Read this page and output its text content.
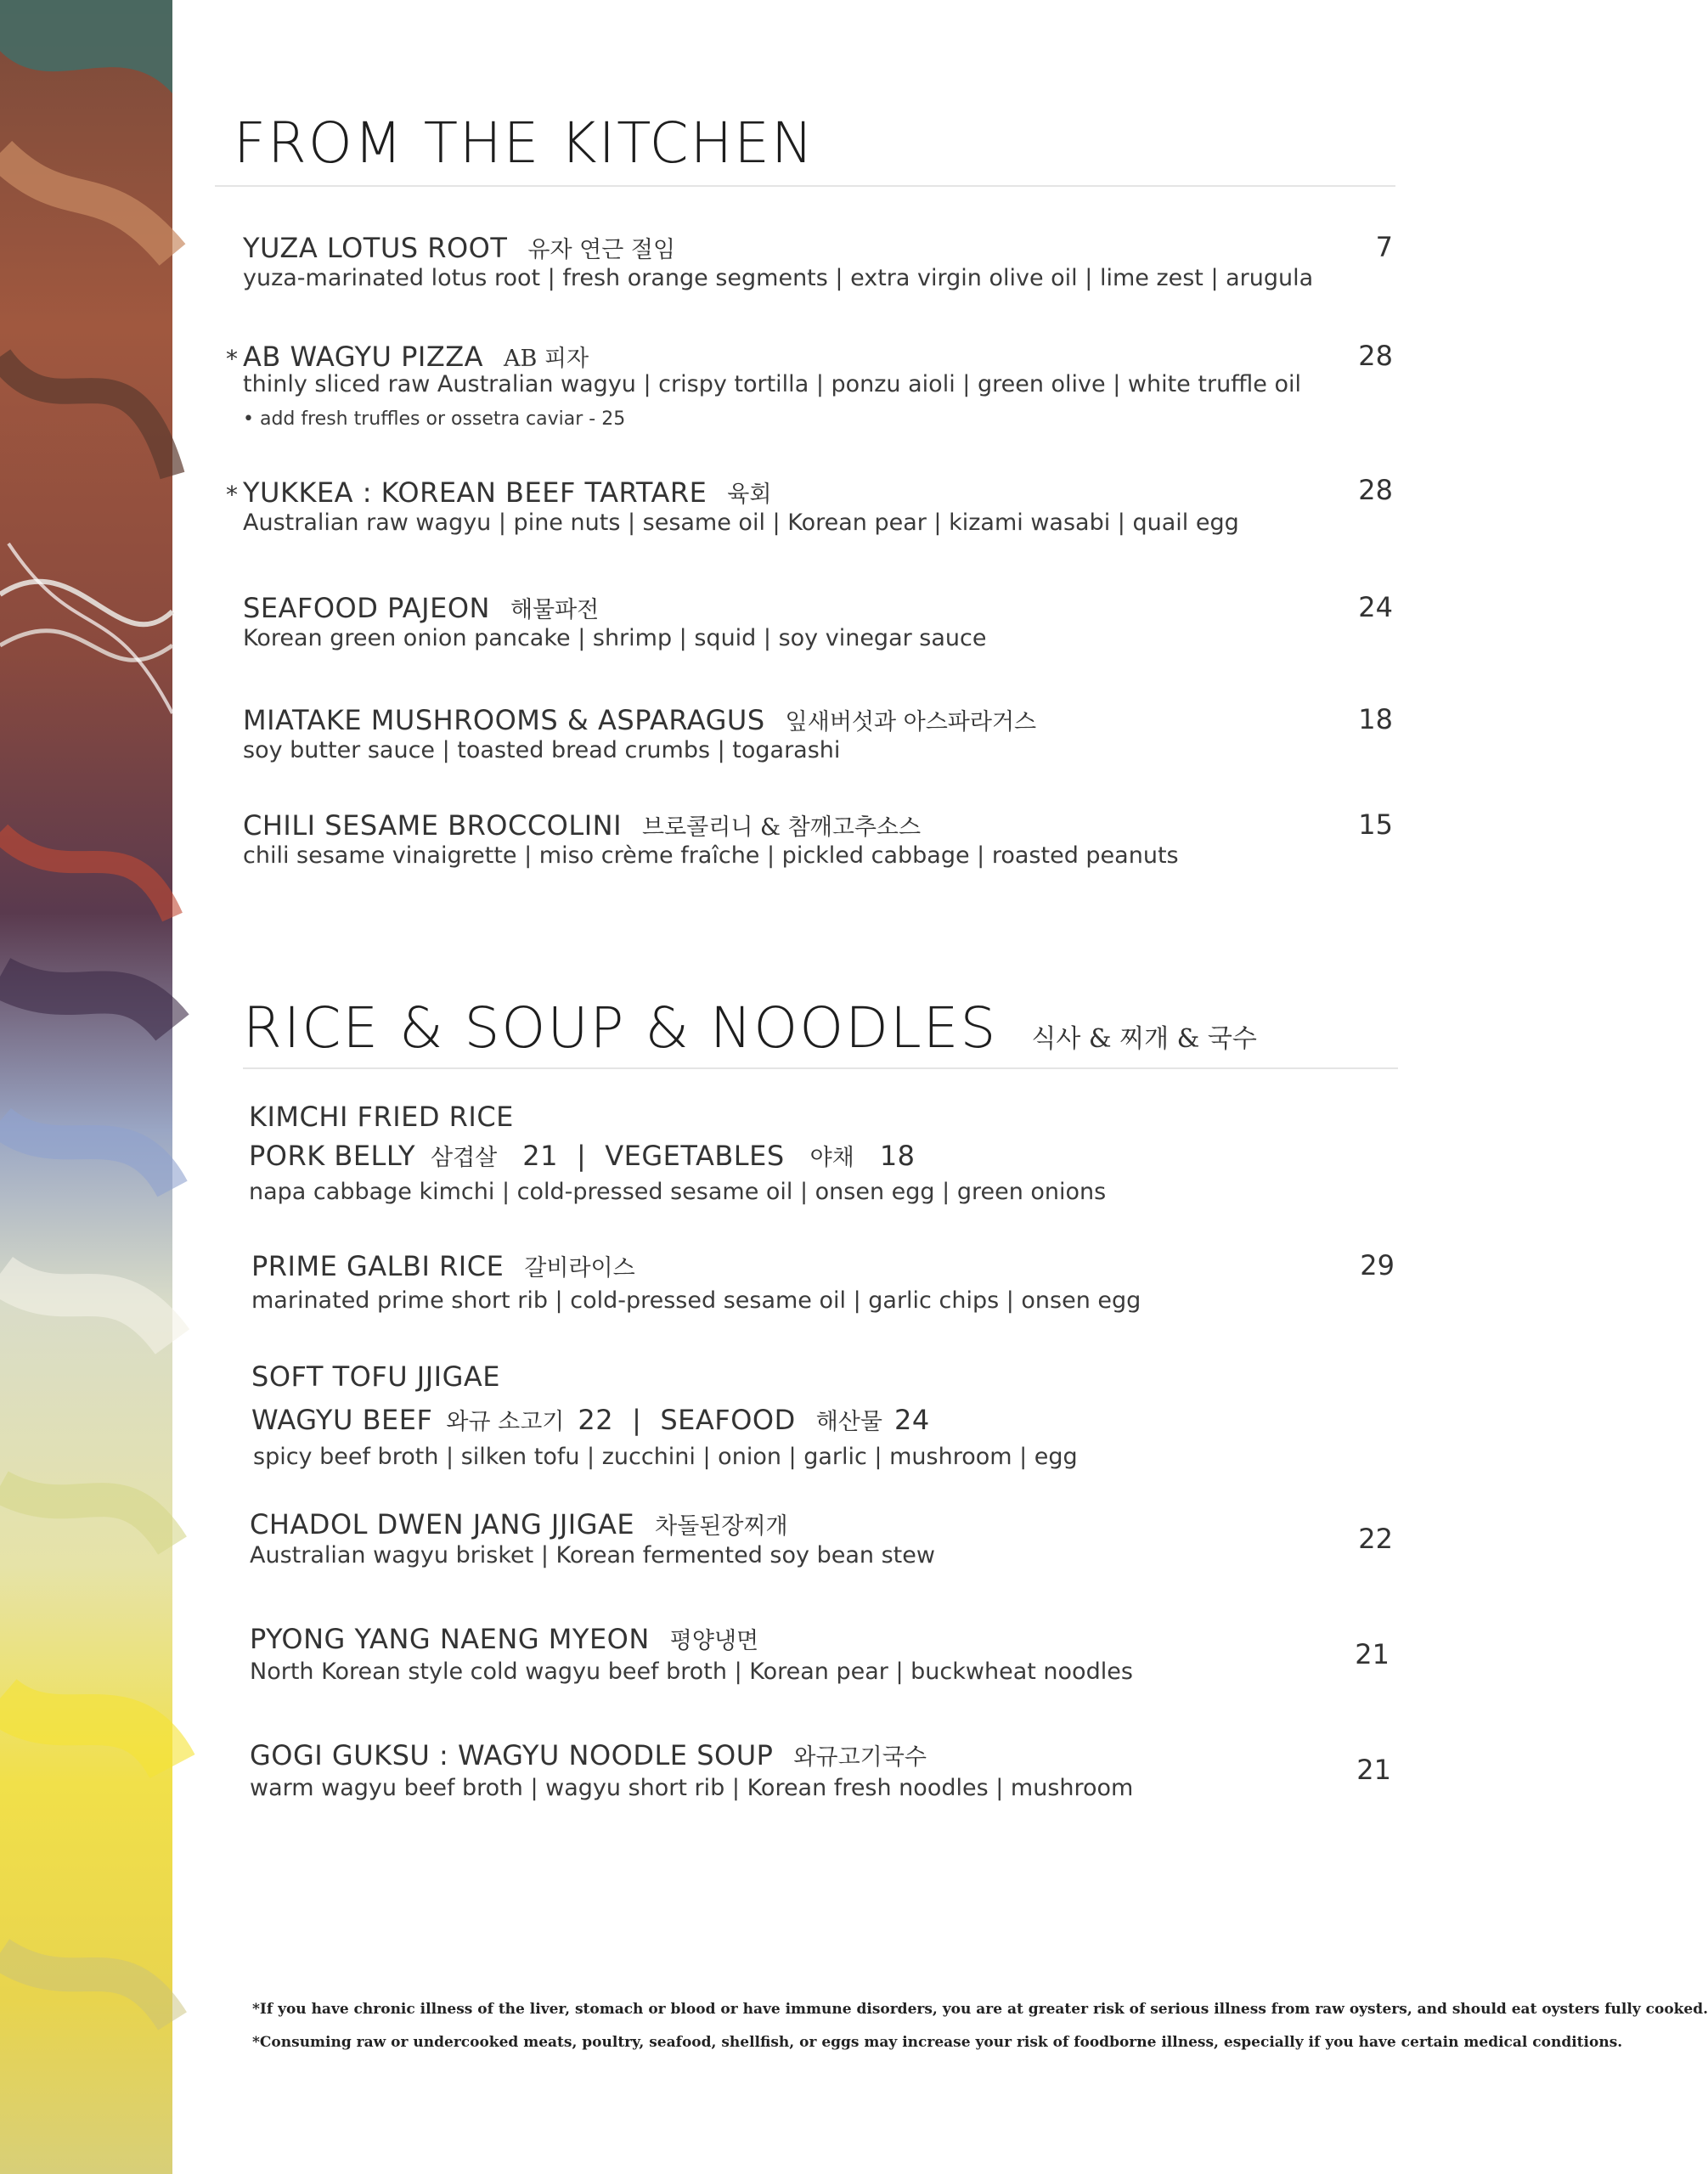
FROM THE KITCHEN
YUZA LOTUS ROOT 유자 연근 절임	7
yuza-marinated lotus root | fresh orange segments | extra virgin olive oil | lime zest | arugula
* AB WAGYU PIZZA AB 피자	28
thinly sliced raw Australian wagyu | crispy tortilla | ponzu aioli | green olive | white truffle oil
• add fresh truffles or ossetra caviar - 25
* YUKKEA : KOREAN BEEF TARTARE 육회	28
Australian raw wagyu | pine nuts | sesame oil | Korean pear | kizami wasabi | quail egg
SEAFOOD PAJEON 해물파전	24
Korean green onion pancake | shrimp | squid | soy vinegar sauce
MIATAKE MUSHROOMS & ASPARAGUS 잎새버섯과 아스파라거스	18
soy butter sauce | toasted bread crumbs | togarashi
CHILI SESAME BROCCOLINI 브로콜리니 & 참깨고추소스	15
chili sesame vinaigrette | miso crème fraîche | pickled cabbage | roasted peanuts
RICE & SOUP & NOODLES 식사 & 찌개 & 국수
KIMCHI FRIED RICE
PORK BELLY 삼겹살 21 | VEGETABLES 야채 18
napa cabbage kimchi | cold-pressed sesame oil | onsen egg | green onions
PRIME GALBI RICE 갈비라이스	29
marinated prime short rib | cold-pressed sesame oil | garlic chips | onsen egg
SOFT TOFU JJIGAE
WAGYU BEEF 와규 소고기 22 | SEAFOOD 해산물 24
spicy beef broth | silken tofu | zucchini | onion | garlic | mushroom | egg
CHADOL DWEN JANG JJIGAE 차돌된장찌개	22
Australian wagyu brisket | Korean fermented soy bean stew
PYONG YANG NAENG MYEON 평양냉면	21
North Korean style cold wagyu beef broth | Korean pear | buckwheat noodles
GOGI GUKSU : WAGYU NOODLE SOUP 와규고기국수	21
warm wagyu beef broth | wagyu short rib | Korean fresh noodles | mushroom
*If you have chronic illness of the liver, stomach or blood or have immune disorders, you are at greater risk of serious illness from raw oysters, and should eat oysters fully cooked.
*Consuming raw or undercooked meats, poultry, seafood, shellfish, or eggs may increase your risk of foodborne illness, especially if you have certain medical conditions.
